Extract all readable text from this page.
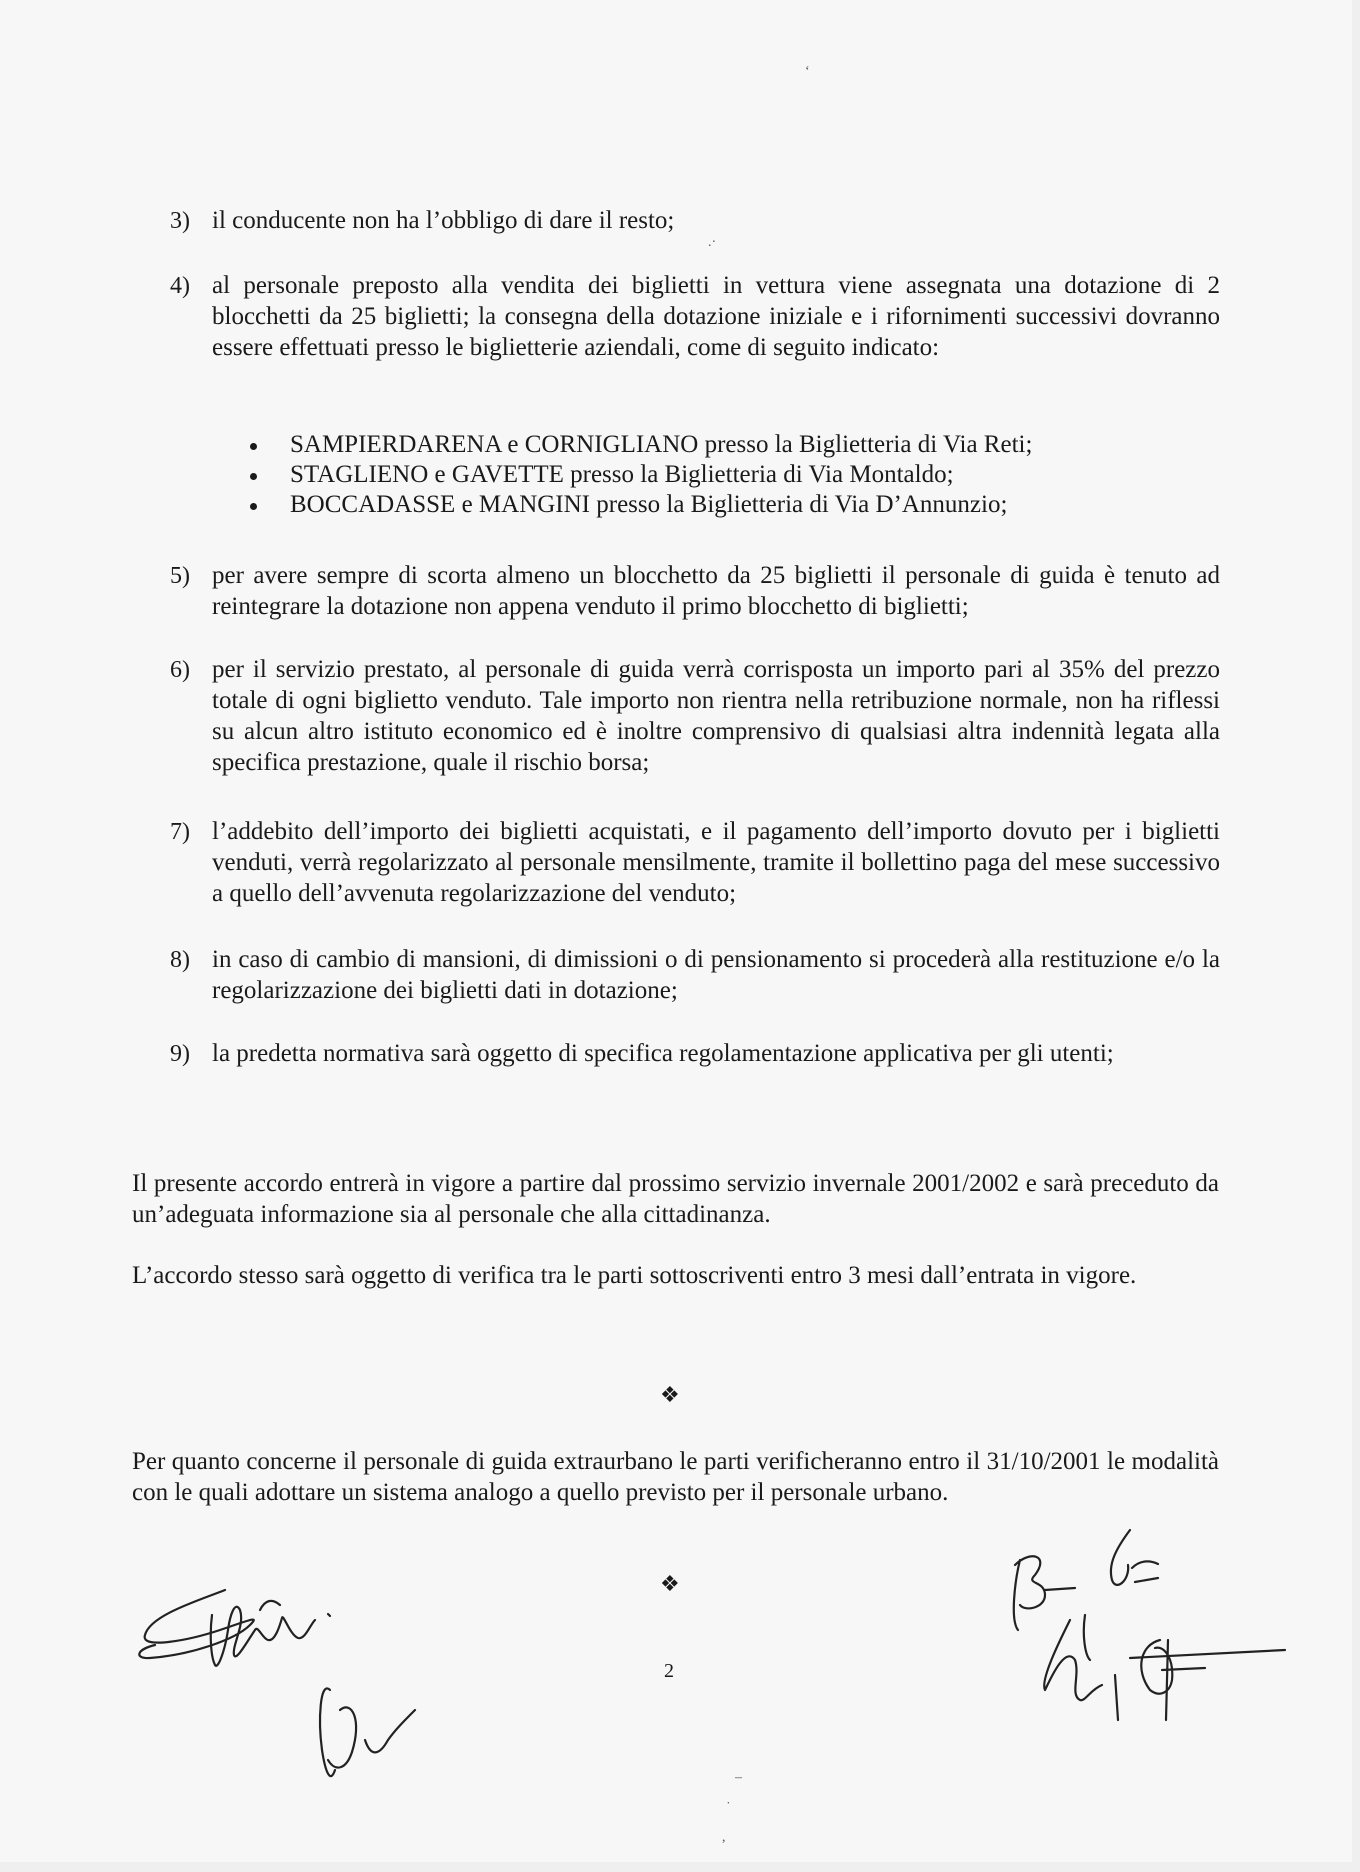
‘
.·
3) il conducente non ha l’obbligo di dare il resto;
4) al personale preposto alla vendita dei biglietti in vettura viene assegnata una dotazione di 2 blocchetti da 25 biglietti; la consegna della dotazione iniziale e i rifornimenti successivi dovranno essere effettuati presso le biglietterie aziendali, come di seguito indicato:
SAMPIERDARENA e CORNIGLIANO presso la Biglietteria di Via Reti;
STAGLIENO e GAVETTE presso la Biglietteria di Via Montaldo;
BOCCADASSE e MANGINI presso la Biglietteria di Via D’Annunzio;
5) per avere sempre di scorta almeno un blocchetto da 25 biglietti il personale di guida è tenuto ad reintegrare la dotazione non appena venduto il primo blocchetto di biglietti;
6) per il servizio prestato, al personale di guida verrà corrisposta un importo pari al 35% del prezzo totale di ogni biglietto venduto. Tale importo non rientra nella retribuzione normale, non ha riflessi su alcun altro istituto economico ed è inoltre comprensivo di qualsiasi altra indennità legata alla specifica prestazione, quale il rischio borsa;
7) l’addebito dell’importo dei biglietti acquistati, e il pagamento dell’importo dovuto per i biglietti venduti, verrà regolarizzato al personale mensilmente, tramite il bollettino paga del mese successivo a quello dell’avvenuta regolarizzazione del venduto;
8) in caso di cambio di mansioni, di dimissioni o di pensionamento si procederà alla restituzione e/o la regolarizzazione dei biglietti dati in dotazione;
9) la predetta normativa sarà oggetto di specifica regolamentazione applicativa per gli utenti;
Il presente accordo entrerà in vigore a partire dal prossimo servizio invernale 2001/2002 e sarà preceduto da un’adeguata informazione sia al personale che alla cittadinanza.
L’accordo stesso sarà oggetto di verifica tra le parti sottoscriventi entro 3 mesi dall’entrata in vigore.
❖
Per quanto concerne il personale di guida extraurbano le parti verificheranno entro il 31/10/2001 le modalità con le quali adottare un sistema analogo a quello previsto per il personale urbano.
❖
2
–
˙
,
